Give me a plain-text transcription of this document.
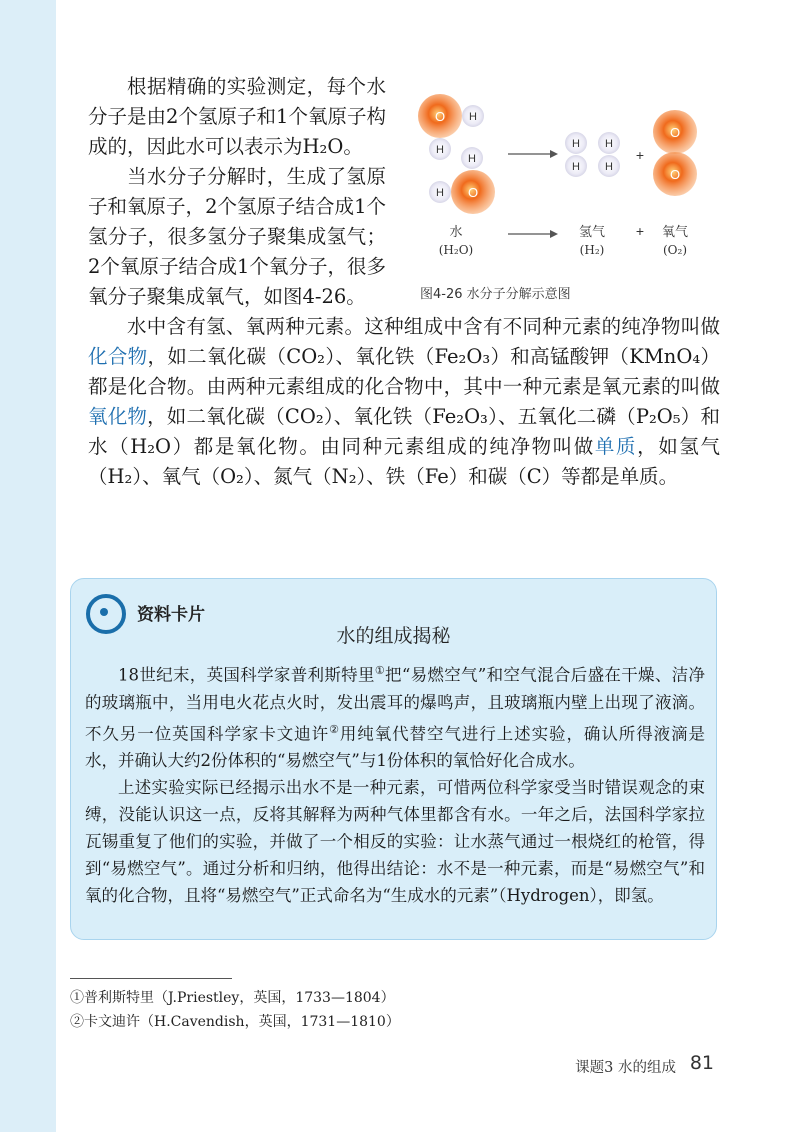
根据精确的实验测定，每个水分子是由2个氢原子和1个氧原子构成的，因此水可以表示为H₂O。

当水分子分解时，生成了氢原子和氧原子，2个氢原子结合成1个氢分子，很多氢分子聚集成氢气；2个氧原子结合成1个氧分子，很多氧分子聚集成氧气，如图4-26。

水中含有氢、氧两种元素。这种组成中含有不同种元素的纯净物叫做化合物，如二氧化碳（CO₂）、氧化铁（Fe₂O₃）和高锰酸钾（KMnO₄）都是化合物。由两种元素组成的化合物中，其中一种元素是氧元素的叫做氧化物，如二氧化碳（CO₂）、氧化铁（Fe₂O₃）、五氧化二磷（P₂O₅）和水（H₂O）都是氧化物。由同种元素组成的纯净物叫做单质，如氢气（H₂）、氧气（O₂）、氮气（N₂）、铁（Fe）和碳（C）等都是单质。

O H
H
H
O
H
H
H
H
H
+
O
O
水
(H₂O)
氢气
(H₂)
+ 氧气
(O₂)
图4-26 水分子分解示意图
资料卡片
水的组成揭秘

18世纪末，英国科学家普利斯特里①把“易燃空气”和空气混合后盛在干燥、洁净的玻璃瓶中，当用电火花点火时，发出震耳的爆鸣声，且玻璃瓶内壁上出现了液滴。不久另一位英国科学家卡文迪许②用纯氧代替空气进行上述实验，确认所得液滴是水，并确认大约2份体积的“易燃空气”与1份体积的氧恰好化合成水。

上述实验实际已经揭示出水不是一种元素，可惜两位科学家受当时错误观念的束缚，没能认识这一点，反将其解释为两种气体里都含有水。一年之后，法国科学家拉瓦锡重复了他们的实验，并做了一个相反的实验：让水蒸气通过一根烧红的枪管，得到“易燃空气”。通过分析和归纳，他得出结论：水不是一种元素，而是“易燃空气”和氧的化合物，且将“易燃空气”正式命名为“生成水的元素”（Hydrogen），即氢。

①普利斯特里（J.Priestley，英国，1733—1804）
②卡文迪许（H.Cavendish，英国，1731—1810）
课题3 水的组成 81
